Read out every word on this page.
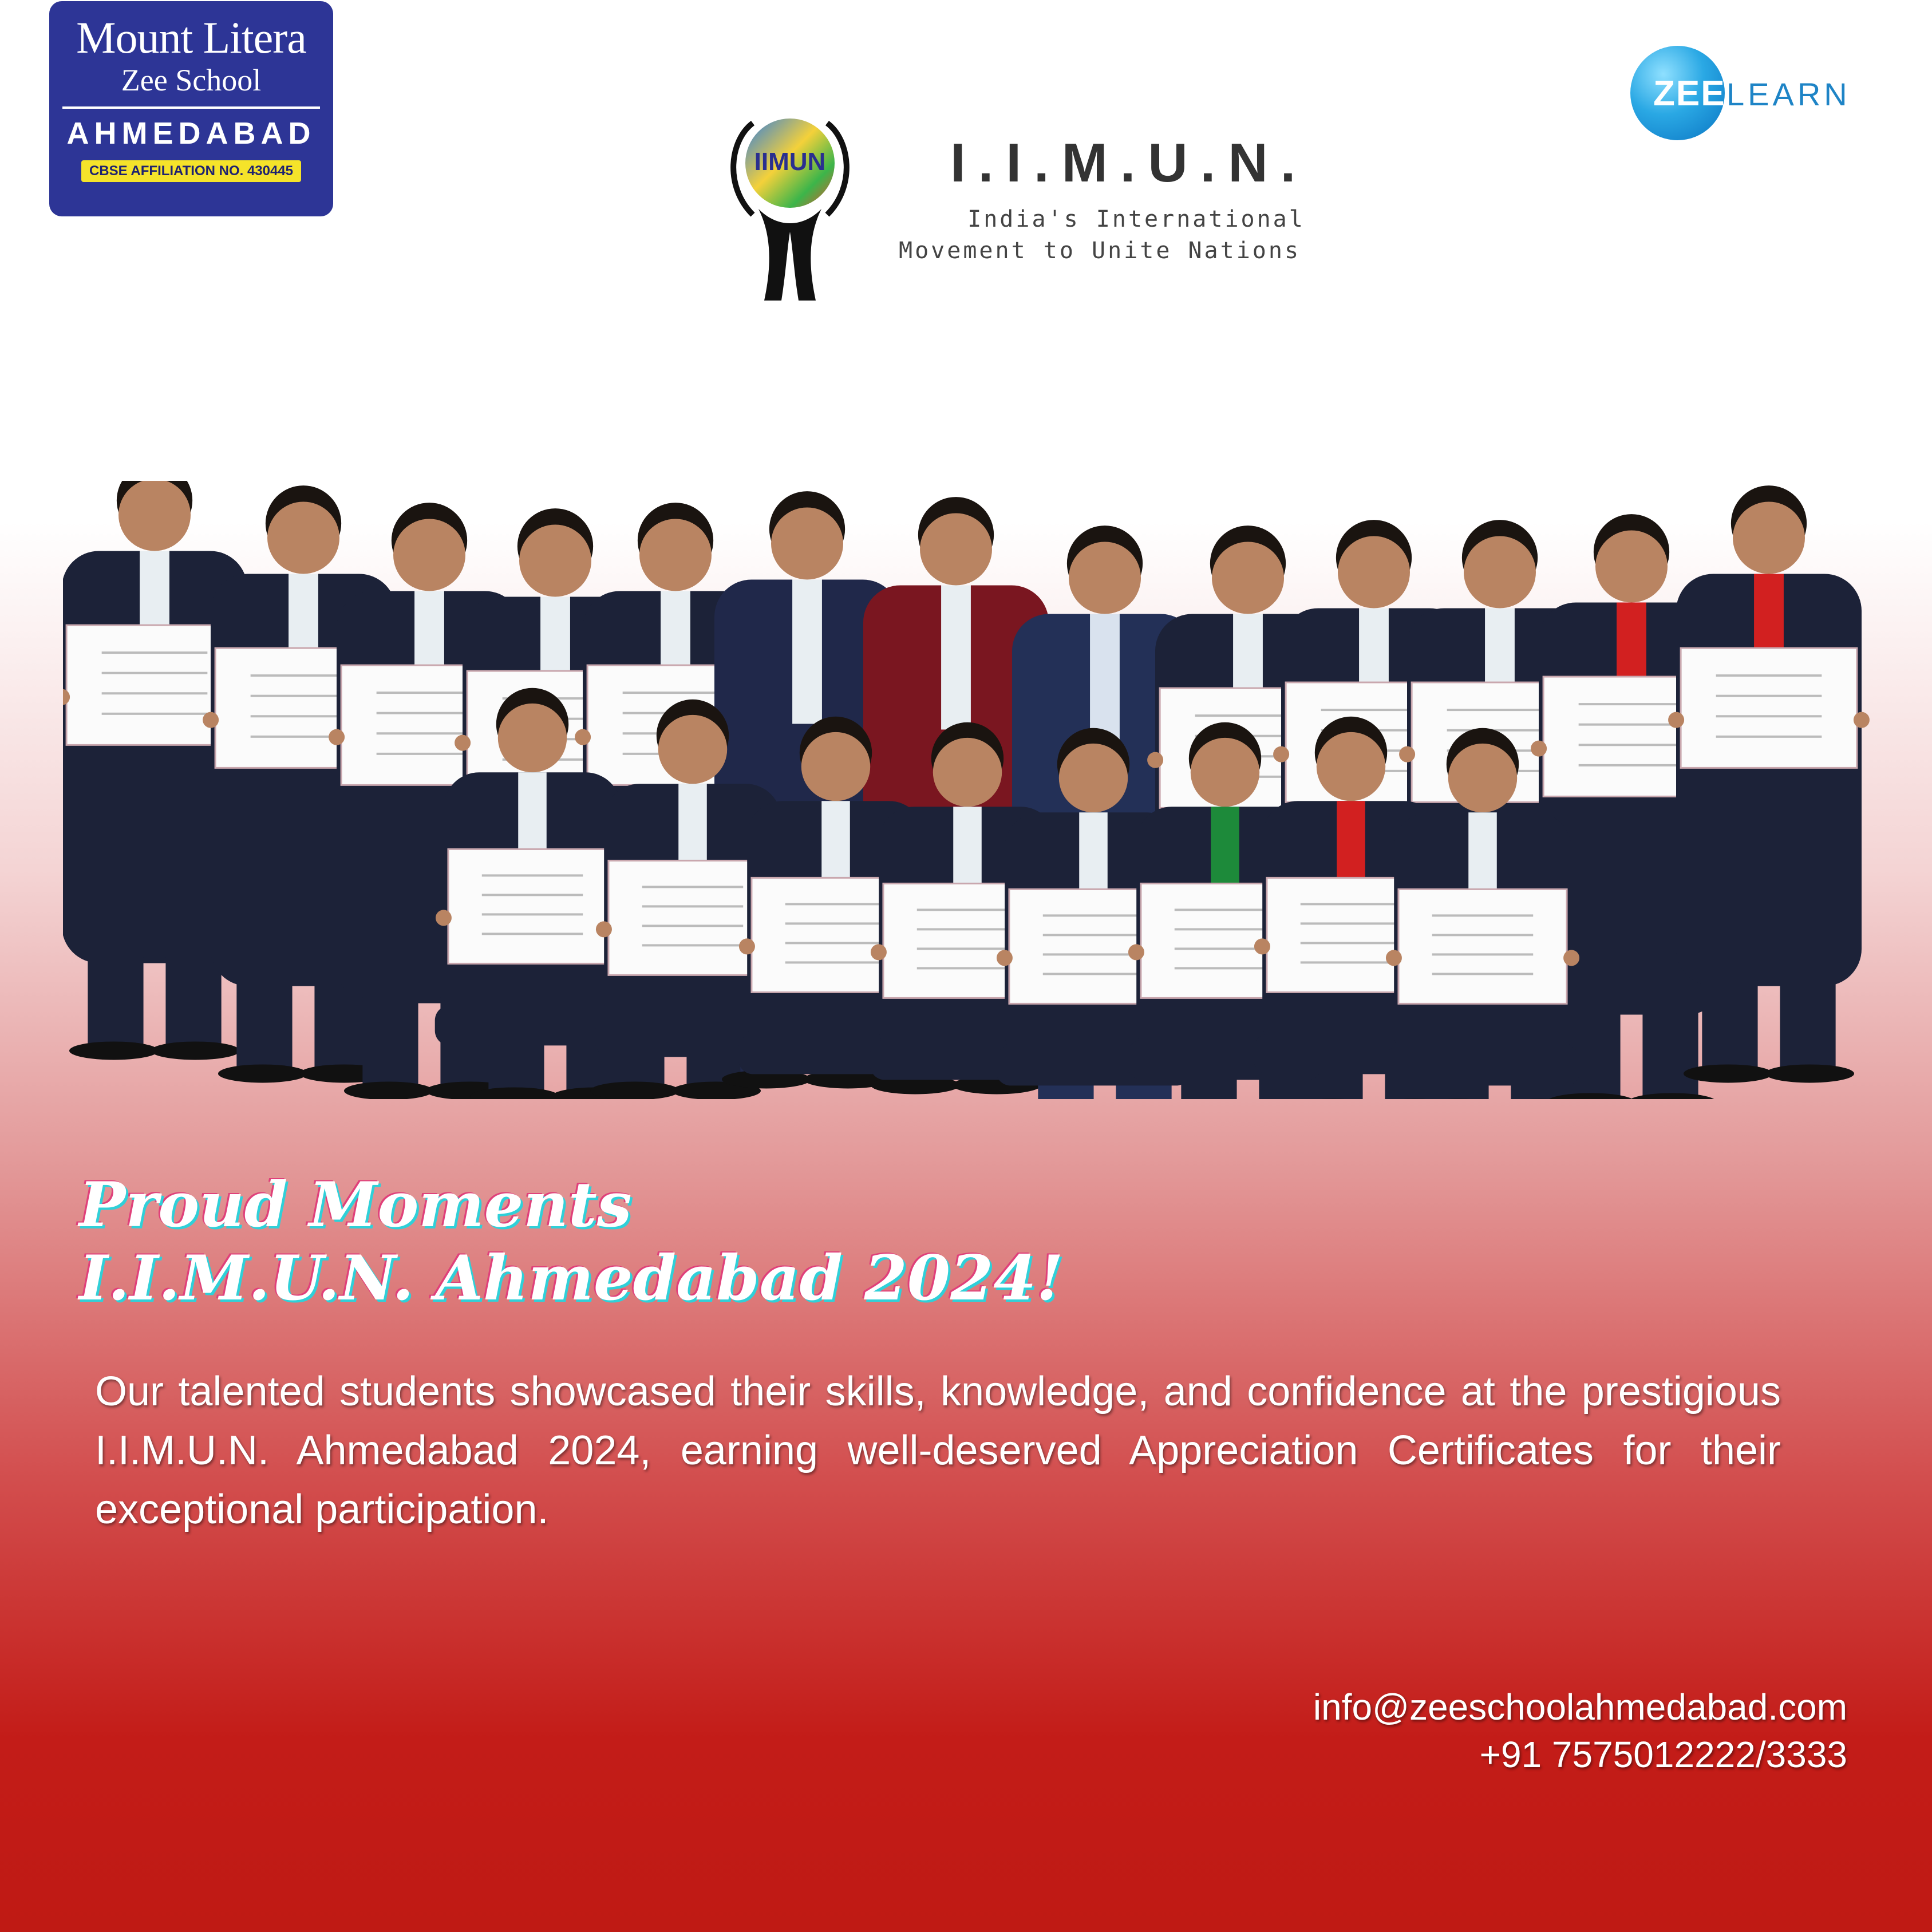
Mount Litera
Zee School
AHMEDABAD
CBSE AFFILIATION NO. 430445
ZEE LEARN
IIMUN I.I.M.U.N.
India's International
Movement to Unite Nations
Proud Moments
I.I.M.U.N. Ahmedabad 2024!
Our talented students showcased their skills, knowledge, and confidence at the prestigious I.I.M.U.N. Ahmedabad 2024, earning well-deserved Appreciation Certificates for their exceptional participation.
info@zeeschoolahmedabad.com
+91 7575012222/3333
